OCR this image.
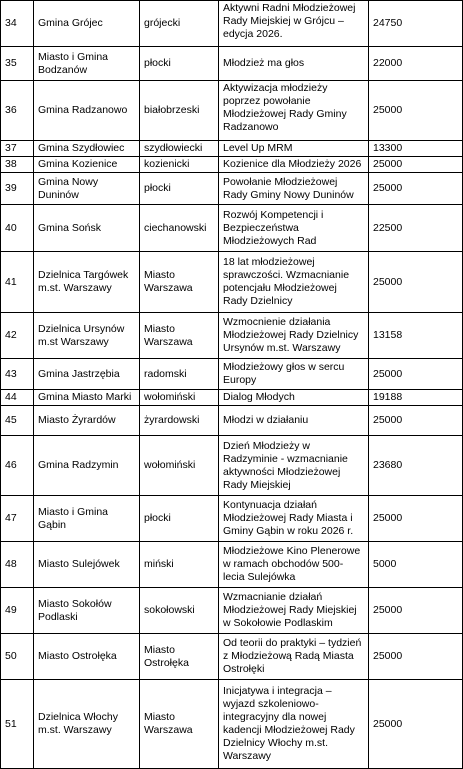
34	Gmina Grójec	grójecki	Aktywni Radni Młodzieżowej Rady Miejskiej w Grójcu – edycja 2026.	24750
35	Miasto i Gmina Bodzanów	płocki	Młodzież ma głos	22000
36	Gmina Radzanowo	białobrzeski	Aktywizacja młodzieży poprzez powołanie Młodzieżowej Rady Gminy Radzanowo	25000
37	Gmina Szydłowiec	szydłowiecki	Level Up MRM	13300
38	Gmina Kozienice	kozienicki	Kozienice dla Młodzieży 2026	25000
39	Gmina Nowy Duninów	płocki	Powołanie Młodzieżowej Rady Gminy Nowy Duninów	25000
40	Gmina Sońsk	ciechanowski	Rozwój Kompetencji i Bezpieczeństwa Młodzieżowych Rad	22500
41	Dzielnica Targówek m.st. Warszawy	Miasto Warszawa	18 lat młodzieżowej sprawczości. Wzmacnianie potencjału Młodzieżowej Rady Dzielnicy	25000
42	Dzielnica Ursynów m.st Warszawy	Miasto Warszawa	Wzmocnienie działania Młodzieżowej Rady Dzielnicy Ursynów m.st. Warszawy	13158
43	Gmina Jastrzębia	radomski	Młodzieżowy głos w sercu Europy	25000
44	Gmina Miasto Marki	wołomiński	Dialog Młodych	19188
45	Miasto Żyrardów	żyrardowski	Młodzi w działaniu	25000
46	Gmina Radzymin	wołomiński	Dzień Młodzieży w Radzyminie - wzmacnianie aktywności Młodzieżowej Rady Miejskiej	23680
47	Miasto i Gmina Gąbin	płocki	Kontynuacja działań Młodzieżowej Rady Miasta i Gminy Gąbin w roku 2026 r.	25000
48	Miasto Sulejówek	miński	Młodzieżowe Kino Plenerowe w ramach obchodów 500-lecia Sulejówka	5000
49	Miasto Sokołów Podlaski	sokołowski	Wzmacnianie działań Młodzieżowej Rady Miejskiej w Sokołowie Podlaskim	25000
50	Miasto Ostrołęka	Miasto Ostrołęka	Od teorii do praktyki – tydzień z Młodzieżową Radą Miasta Ostrołęki	25000
51	Dzielnica Włochy m.st. Warszawy	Miasto Warszawa	Inicjatywa i integracja – wyjazd szkoleniowo-integracyjny dla nowej kadencji Młodzieżowej Rady Dzielnicy Włochy m.st. Warszawy	25000
